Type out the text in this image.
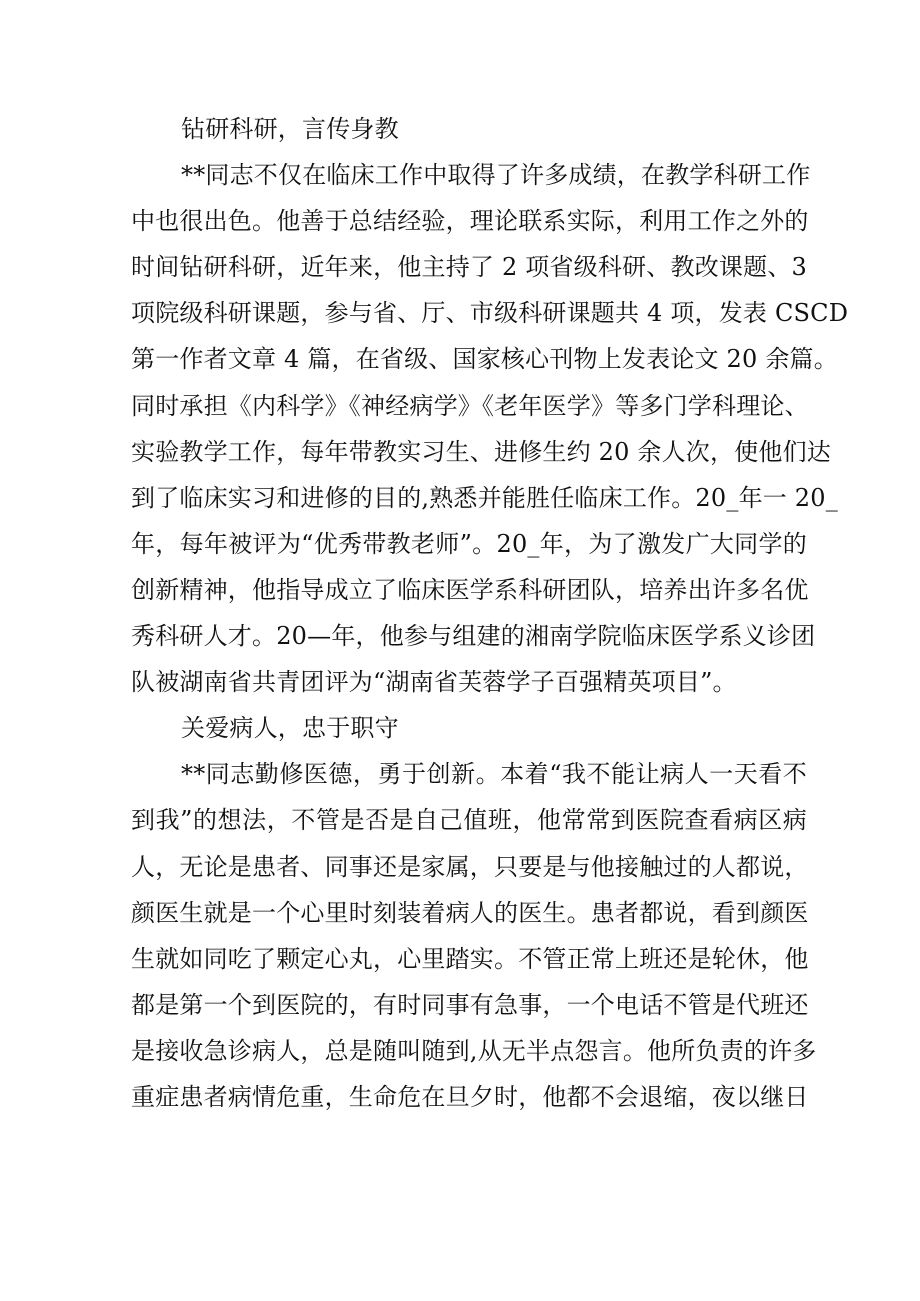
钻研科研，言传身教
**同志不仅在临床工作中取得了许多成绩，在教学科研工作
中也很出色。他善于总结经验，理论联系实际，利用工作之外的
时间钻研科研，近年来，他主持了 2 项省级科研、教改课题、3
项院级科研课题，参与省、厅、市级科研课题共 4 项，发表 CSCD
第一作者文章 4 篇，在省级、国家核心刊物上发表论文 20 余篇。
同时承担《内科学》《神经病学》《老年医学》等多门学科理论、
实验教学工作，每年带教实习生、进修生约 20 余人次，使他们达
到了临床实习和进修的目的,熟悉并能胜任临床工作。20_年一 20_
年，每年被评为“优秀带教老师”。20_年，为了激发广大同学的
创新精神，他指导成立了临床医学系科研团队，培养出许多名优
秀科研人才。20—年，他参与组建的湘南学院临床医学系义诊团
队被湖南省共青团评为“湖南省芙蓉学子百强精英项目”。
关爱病人，忠于职守
**同志勤修医德，勇于创新。本着“我不能让病人一天看不
到我”的想法，不管是否是自己值班，他常常到医院查看病区病
人，无论是患者、同事还是家属，只要是与他接触过的人都说，
颜医生就是一个心里时刻装着病人的医生。患者都说，看到颜医
生就如同吃了颗定心丸，心里踏实。不管正常上班还是轮休，他
都是第一个到医院的，有时同事有急事，一个电话不管是代班还
是接收急诊病人，总是随叫随到,从无半点怨言。他所负责的许多
重症患者病情危重，生命危在旦夕时，他都不会退缩，夜以继日
